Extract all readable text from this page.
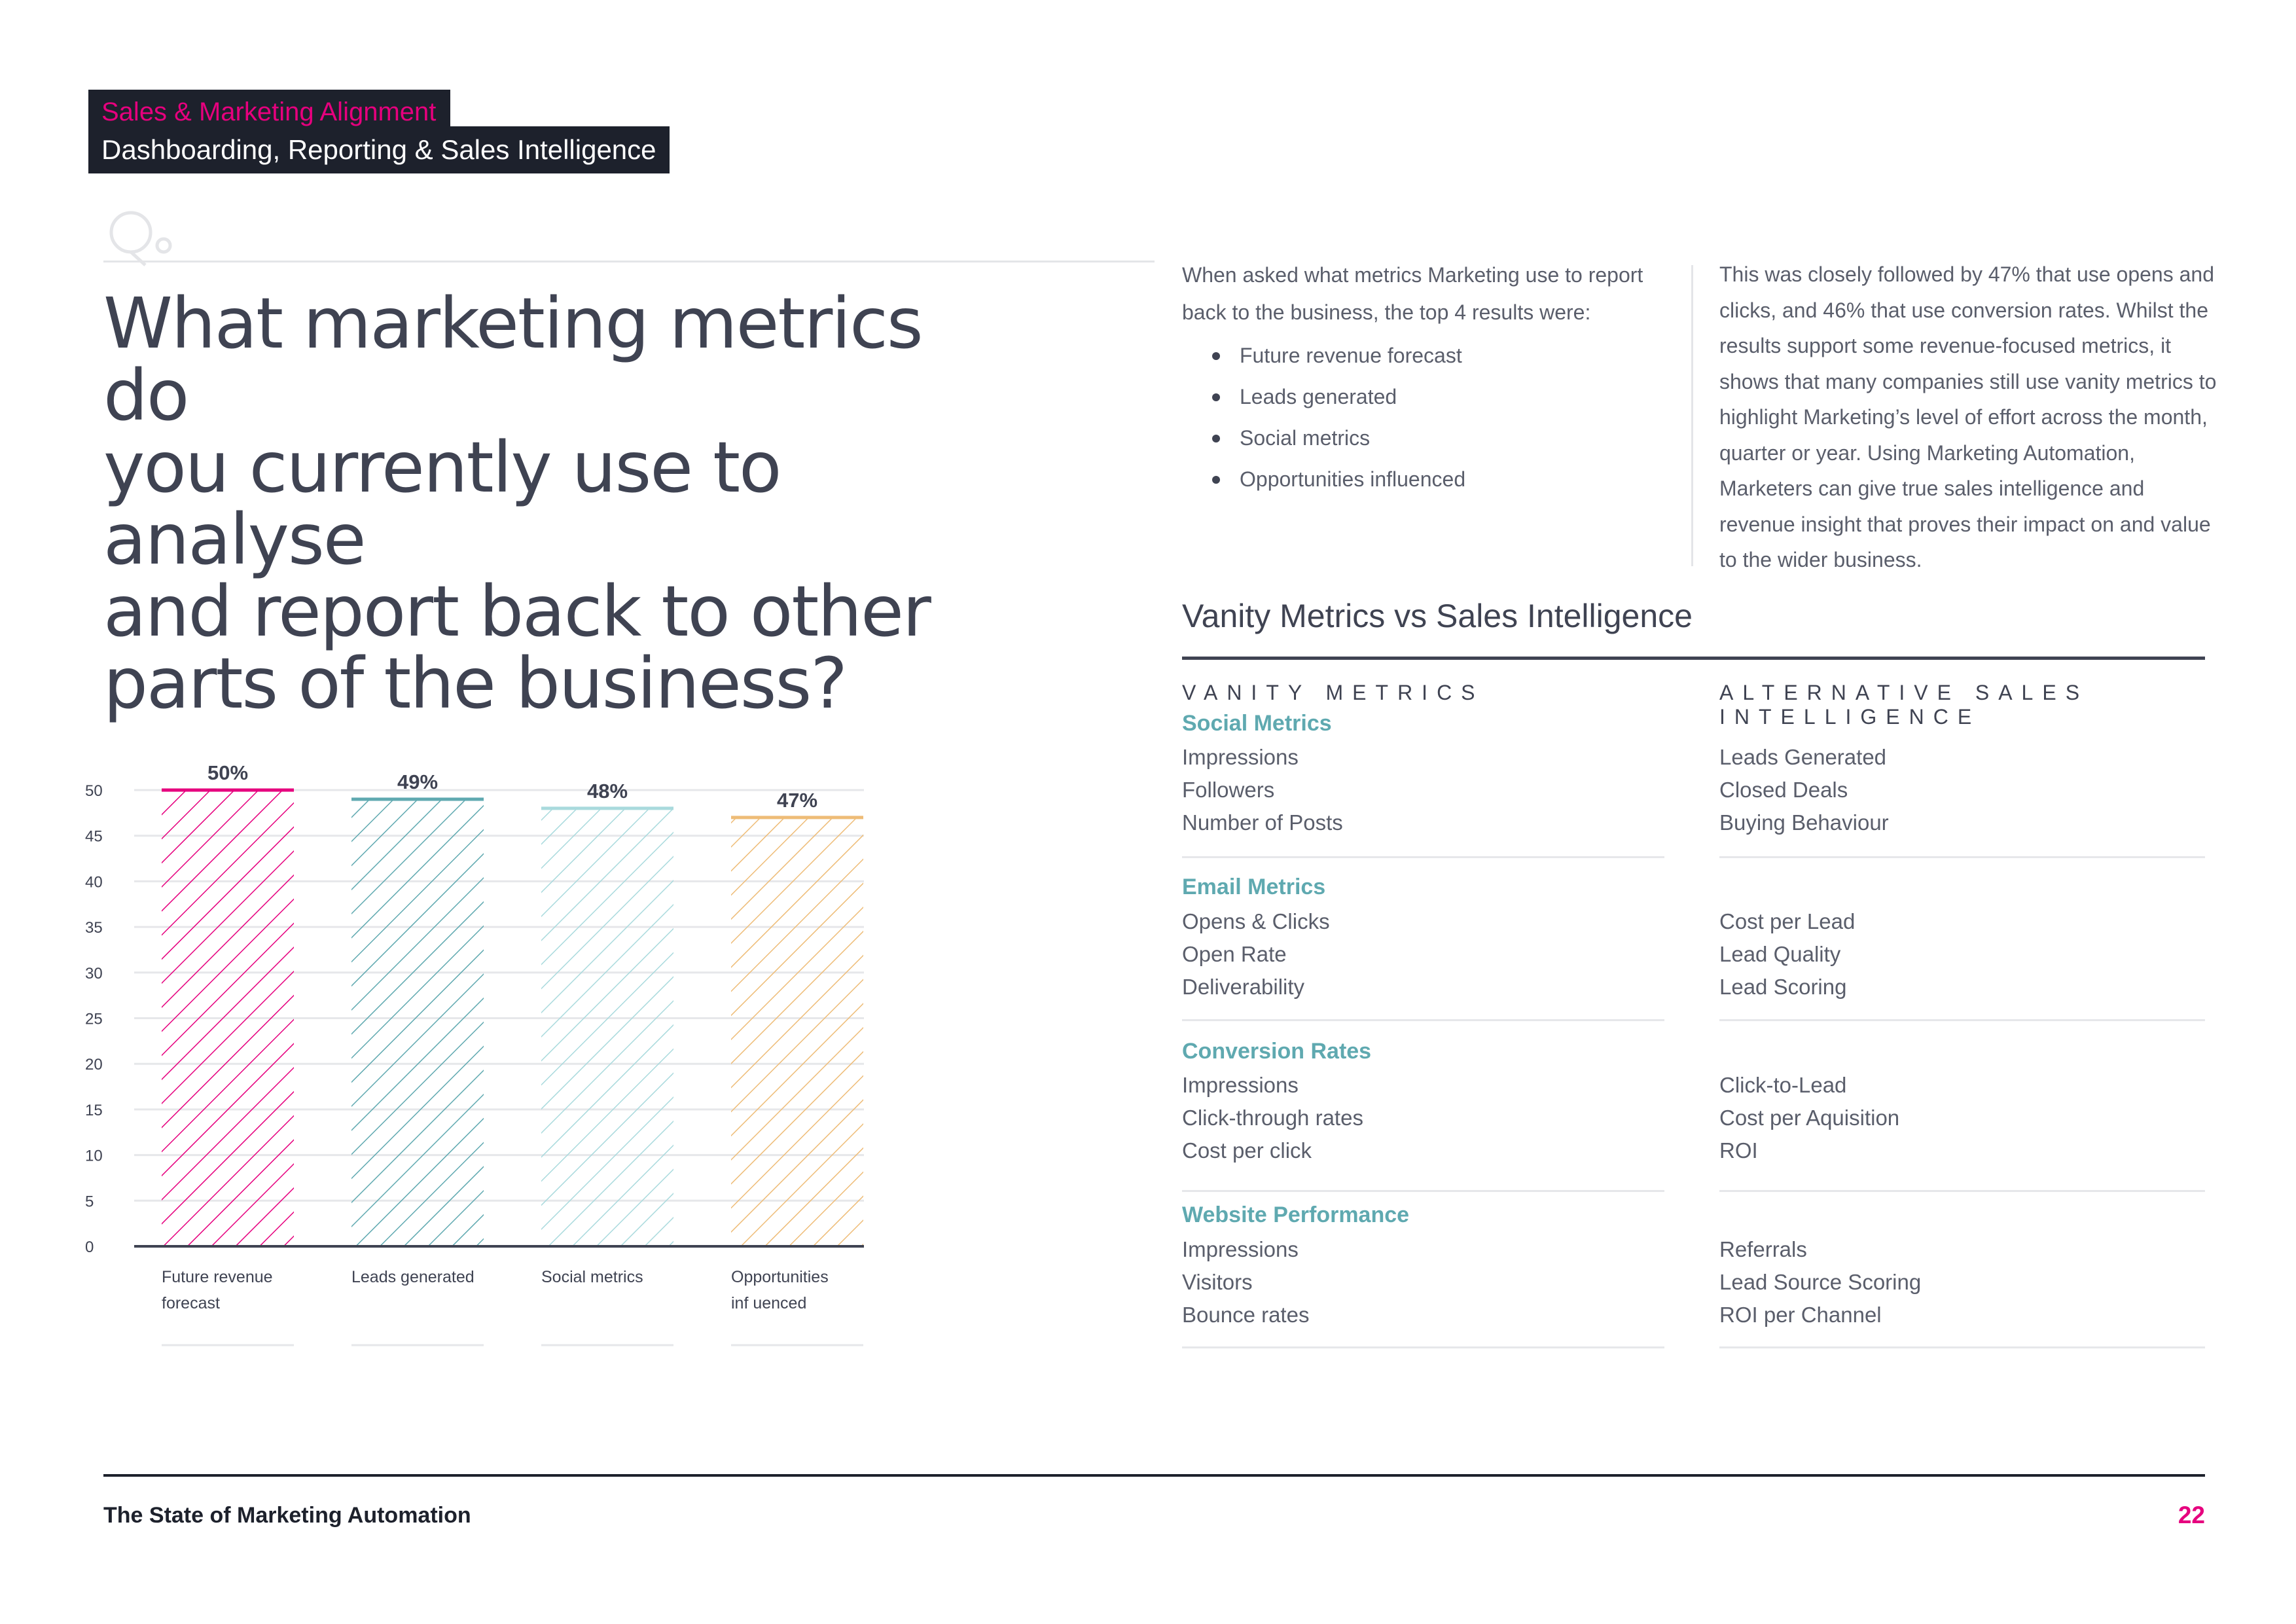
Sales & Marketing Alignment
Dashboarding, Reporting & Sales Intelligence
What marketing metrics do
you currently use to analyse
and report back to other
parts of the business?
When asked what metrics Marketing use to report back to the business, the top 4 results were:
Future revenue forecast
Leads generated
Social metrics
Opportunities influenced
This was closely followed by 47% that use opens and clicks, and 46% that use conversion rates. Whilst the results support some revenue-focused metrics, it shows that many companies still use vanity metrics to highlight Marketing’s level of effort across the month, quarter or year. Using Marketing Automation, Marketers can give true sales intelligence and revenue insight that proves their impact on and value to the wider business.
Vanity Metrics vs Sales Intelligence
VANITY METRICS	ALTERNATIVE SALES INTELLIGENCE
Social Metrics
Impressions
Followers
Number of Posts
Leads Generated
Closed Deals
Buying Behaviour
Email Metrics
Opens & Clicks
Open Rate
Deliverability
Cost per Lead
Lead Quality
Lead Scoring
Conversion Rates
Impressions
Click-through rates
Cost per click
Click-to-Lead
Cost per Aquisition
ROI
Website Performance
Impressions
Visitors
Bounce rates
Referrals
Lead Source Scoring
ROI per Channel
0
5
10
15
20
25
30
35
40
45
50
50%
Future revenue
forecast
49%
Leads generated
48%
Social metrics
47%
Opportunities
inf uenced
The State of Marketing Automation	22
